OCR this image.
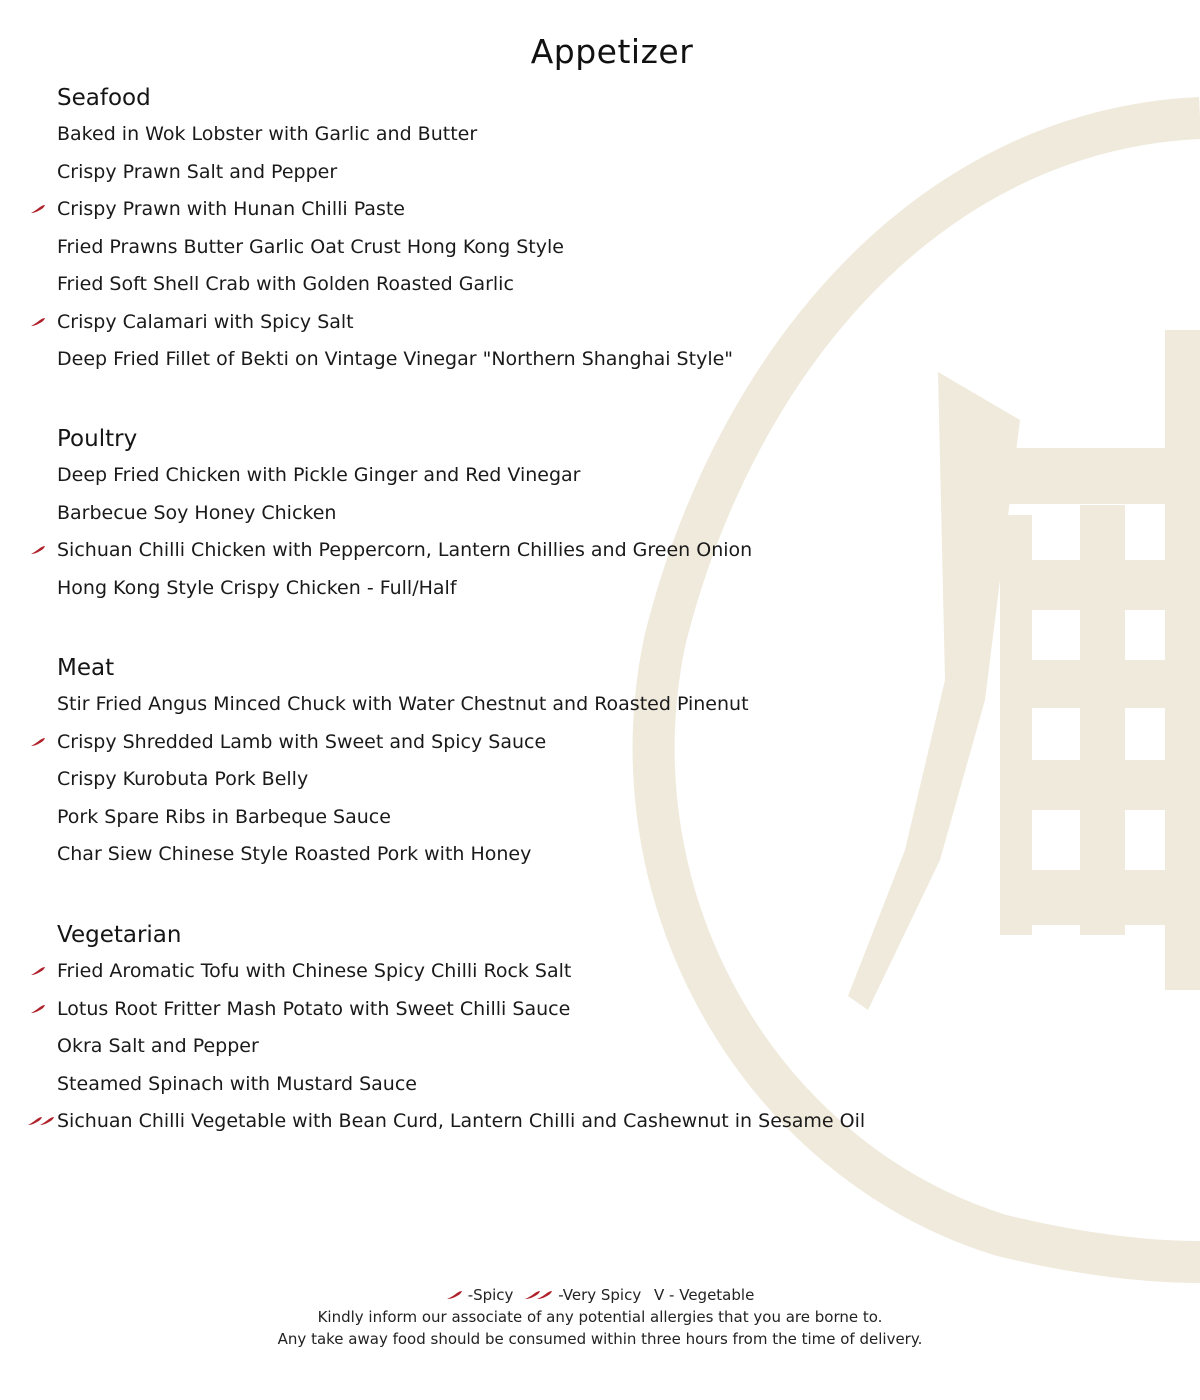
Appetizer
Seafood
Baked in Wok Lobster with Garlic and Butter
Crispy Prawn Salt and Pepper
Crispy Prawn with Hunan Chilli Paste
Fried Prawns Butter Garlic Oat Crust Hong Kong Style
Fried Soft Shell Crab with Golden Roasted Garlic
Crispy Calamari with Spicy Salt
Deep Fried Fillet of Bekti on Vintage Vinegar "Northern Shanghai Style"
Poultry
Deep Fried Chicken with Pickle Ginger and Red Vinegar
Barbecue Soy Honey Chicken
Sichuan Chilli Chicken with Peppercorn, Lantern Chillies and Green Onion
Hong Kong Style Crispy Chicken - Full/Half
Meat
Stir Fried Angus Minced Chuck with Water Chestnut and Roasted Pinenut
Crispy Shredded Lamb with Sweet and Spicy Sauce
Crispy Kurobuta Pork Belly
Pork Spare Ribs in Barbeque Sauce
Char Siew Chinese Style Roasted Pork with Honey
Vegetarian
Fried Aromatic Tofu with Chinese Spicy Chilli Rock Salt
Lotus Root Fritter Mash Potato with Sweet Chilli Sauce
Okra Salt and Pepper
Steamed Spinach with Mustard Sauce
Sichuan Chilli Vegetable with Bean Curd, Lantern Chilli and Cashewnut in Sesame Oil
-Spicy
	-Very Spicy V - Vegetable
Kindly inform our associate of any potential allergies that you are borne to.
Any take away food should be consumed within three hours from the time of delivery.
